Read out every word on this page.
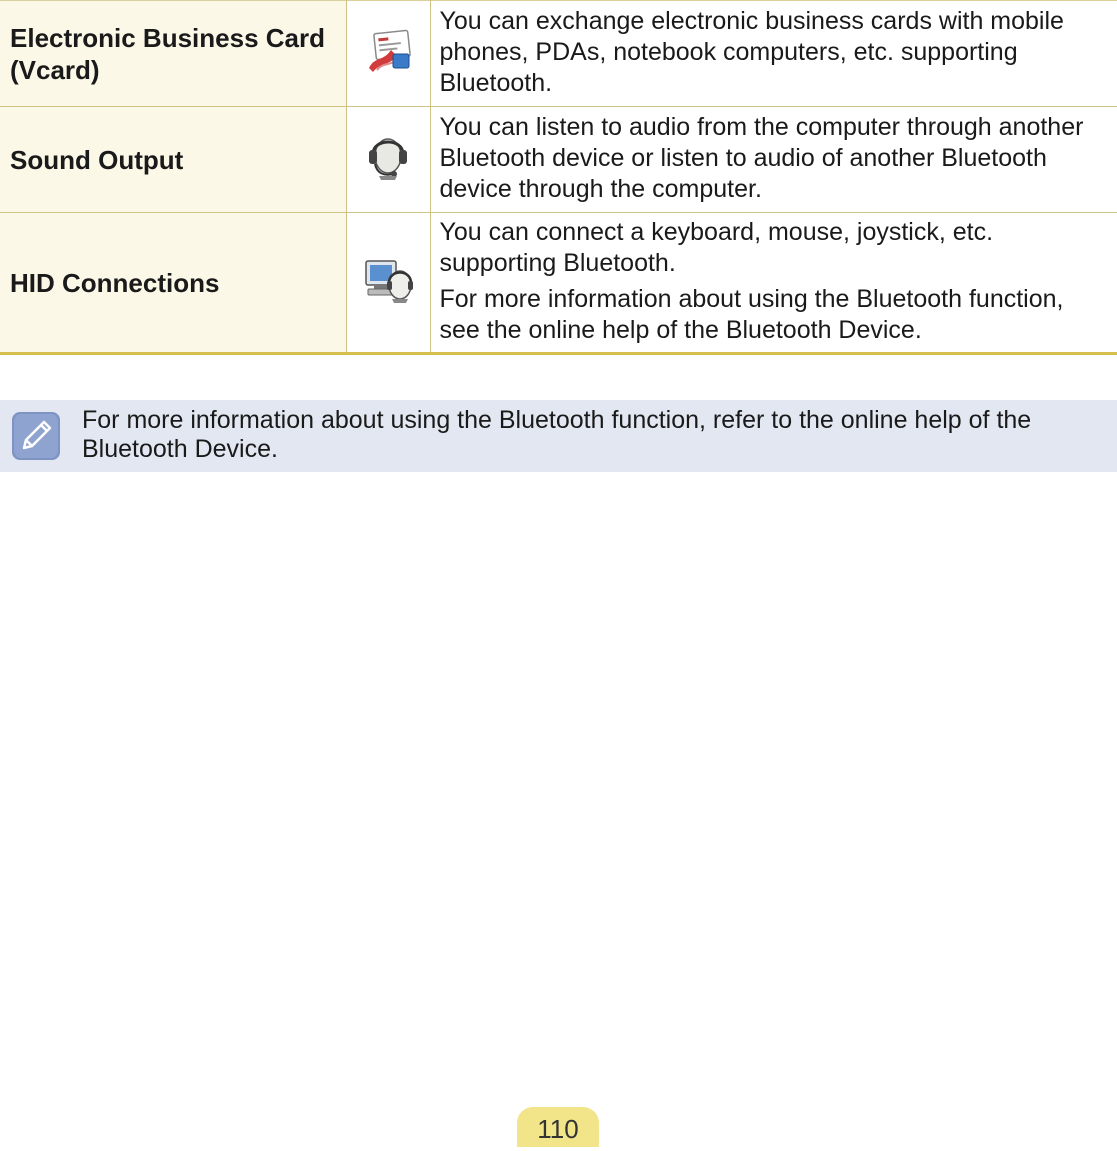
Electronic Business Card (Vcard)		You can exchange electronic business cards with mobile phones, PDAs, notebook computers, etc. supporting Bluetooth.

Sound Output		You can listen to audio from the computer through another Bluetooth device or listen to audio of another Bluetooth device through the computer.

HID Connections		You can connect a keyboard, mouse, joystick, etc. supporting Bluetooth.

For more information about using the Bluetooth function, see the online help of the Bluetooth Device.

For more information about using the Bluetooth function, refer to the online help of the Bluetooth Device.
110
